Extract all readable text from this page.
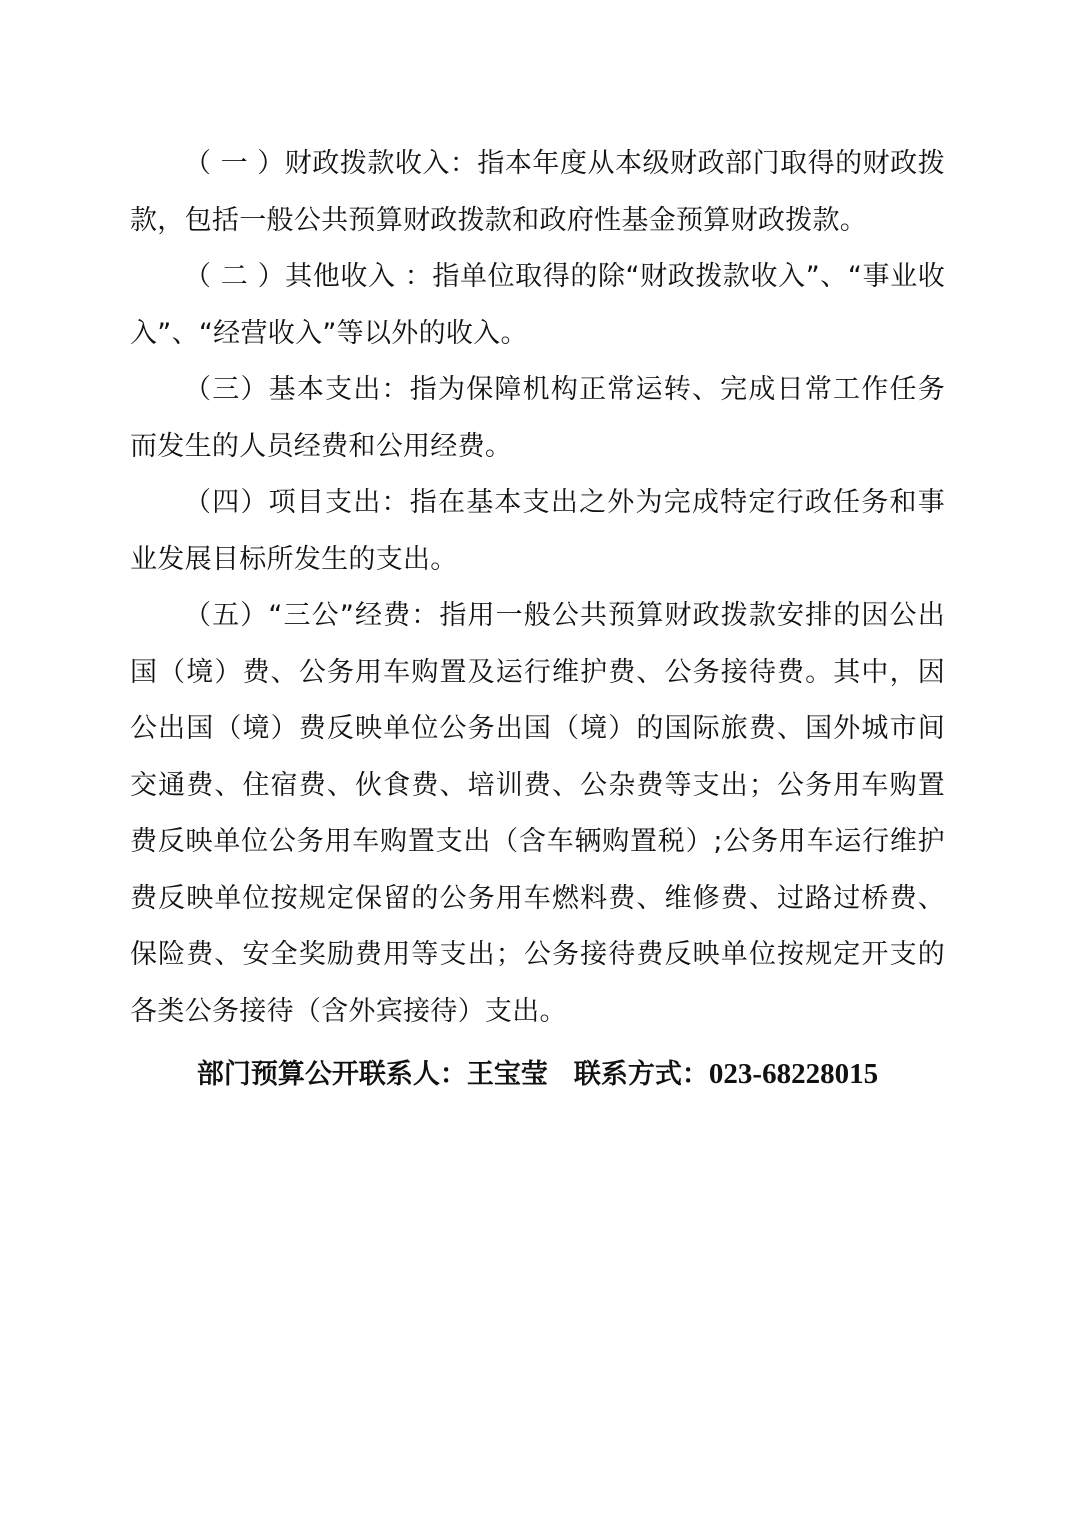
（ 一 ）财政拨款收入：指本年度从本级财政部门取得的财政拨款，包括一般公共预算财政拨款和政府性基金预算财政拨款。

（ 二 ）其他收入 ：指单位取得的除“财政拨款收入”、“事业收入”、“经营收入”等以外的收入。

（三）基本支出：指为保障机构正常运转、完成日常工作任务而发生的人员经费和公用经费。

（四）项目支出：指在基本支出之外为完成特定行政任务和事业发展目标所发生的支出。

（五）“三公”经费：指用一般公共预算财政拨款安排的因公出国（境）费、公务用车购置及运行维护费、公务接待费。其中，因公出国（境）费反映单位公务出国（境）的国际旅费、国外城市间交通费、住宿费、伙食费、培训费、公杂费等支出；公务用车购置费反映单位公务用车购置支出（含车辆购置税）;公务用车运行维护费反映单位按规定保留的公务用车燃料费、维修费、过路过桥费、保险费、安全奖励费用等支出；公务接待费反映单位按规定开支的各类公务接待（含外宾接待）支出。

部门预算公开联系人：王宝莹 联系方式：023-68228015
